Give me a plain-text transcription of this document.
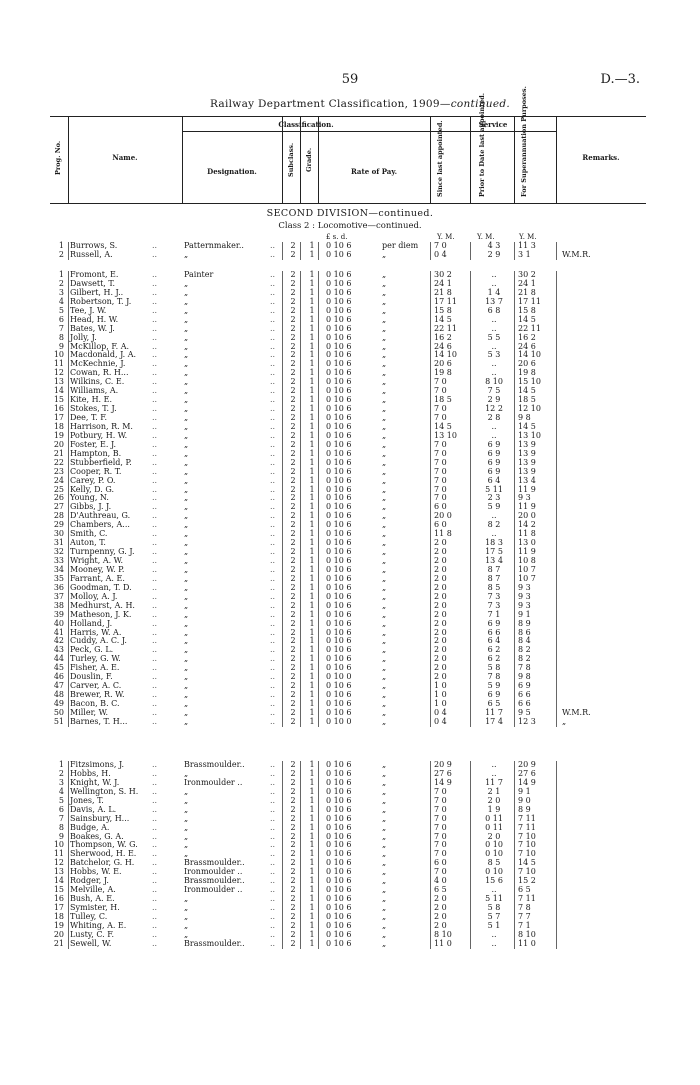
59	D.—3.
Railway Department Classification, 1909—continued.
Prog. No.	Name.
Classification.
Designation.	Subclass. Grade.	Rate of Pay.
Service
Since last appointed.	Prior to Date last appointed.	For Superannuation Purposes.	Remarks.
SECOND DIVISION—continued.
Class 2 : Locomotive—continued.
£ s. d.	Y. M.	Y. M.	Y. M.
1 Burrows, S.	Patternmaker..	2	1	0 10 6	per diem 7 0	4 3	11 3
..	..
2 Russell, A.	„	2	1	0 10 6	„	0 4	2 9	3 1	W.M.R.
..	..
1 Fromont, E.	Painter	2	1	0 10 6	„	30 2	..	30 2
..	..
2 Dawsett, T.	„	2	1	0 10 6	„	24 1	..	24 1
..	..
3 Gilbert, H. J..	„	2	1	0 10 6	„	21 8	1 4	21 8
..	..
4 Robertson, T. J.	„	2	1	0 10 6	„	17 11	13 7	17 11
..	..
5 Tee, J. W.	„	2	1	0 10 6	„	15 8	6 8	15 8
..	..
6 Head, H. W.	„	2	1	0 10 6	„	14 5	..	14 5
..	..
7 Bates, W. J.	„	2	1	0 10 6	„	22 11	..	22 11
..	..
8 Jolly, J.	„	2	1	0 10 6	„	16 2	5 5	16 2
..	..
9 McKillop, F. A.	„	2	1	0 10 6	„	24 6	..	24 6
..	..
10 Macdonald, J. A.	„	2	1	0 10 6	„	14 10	5 3	14 10
..	..
11 McKechnie, J.	„	2	1	0 10 6	„	20 6	..	20 6
..	..
12 Cowan, R. H...	„	2	1	0 10 6	„	19 8	..	19 8
..	..
13 Wilkins, C. E.	„	2	1	0 10 6	„	7 0	8 10	15 10
..	..
14 Williams, A.	„	2	1	0 10 6	„	7 0	7 5	14 5
..	..
15 Kite, H. E.	„	2	1	0 10 6	„	18 5	2 9	18 5
..	..
16 Stokes, T. J.	„	2	1	0 10 6	„	7 0	12 2	12 10
..	..
17 Dee, T. F.	„	2	1	0 10 6	„	7 0	2 8	9 8
..	..
18 Harrison, R. M.	„	2	1	0 10 6	„	14 5	..	14 5
..	..
19 Potbury, H. W.	„	2	1	0 10 6	„	13 10	..	13 10
..	..
20 Foster, E. J.	„	2	1	0 10 6	„	7 0	6 9	13 9
..	..
21 Hampton, B.	„	2	1	0 10 6	„	7 0	6 9	13 9
..	..
22 Stubberfield, P.	„	2	1	0 10 6	„	7 0	6 9	13 9
..	..
23 Cooper, R. T.	„	2	1	0 10 6	„	7 0	6 9	13 9
..	..
24 Carey, P. O.	„	2	1	0 10 6	„	7 0	6 4	13 4
..	..
25 Kelly, D. G.	„	2	1	0 10 6	„	7 0	5 11	11 9
..	..
26 Young, N.	„	2	1	0 10 6	„	7 0	2 3	9 3
..	..
27 Gibbs, J. J.	„	2	1	0 10 6	„	6 0	5 9	11 9
..	..
28 D'Authreau, G.	„	2	1	0 10 6	„	20 0	..	20 0
..	..
29 Chambers, A...	„	2	1	0 10 6	„	6 0	8 2	14 2
..	..
30 Smith, C.	„	2	1	0 10 6	„	11 8	..	11 8
..	..
31 Auton, T.	„	2	1	0 10 6	„	2 0	18 3	13 0
..	..
32 Turnpenny, G. J.	„	2	1	0 10 6	„	2 0	17 5	11 9
..	..
33 Wright, A. W.	„	2	1	0 10 6	„	2 0	13 4	10 8
..	..
34 Mooney, W. P.	„	2	1	0 10 6	„	2 0	8 7	10 7
..	..
35 Farrant, A. E.	„	2	1	0 10 6	„	2 0	8 7	10 7
..	..
36 Goodman, T. D.	„	2	1	0 10 6	„	2 0	8 5	9 3
..	..
37 Molloy, A. J.	„	2	1	0 10 6	„	2 0	7 3	9 3
..	..
38 Medhurst, A. H.	„	2	1	0 10 6	„	2 0	7 3	9 3
..	..
39 Matheson, J. K.	„	2	1	0 10 6	„	2 0	7 1	9 1
..	..
40 Holland, J.	„	2	1	0 10 6	„	2 0	6 9	8 9
..	..
41 Harris, W. A.	„	2	1	0 10 6	„	2 0	6 6	8 6
..	..
42 Cuddy, A. C. J.	„	2	1	0 10 6	„	2 0	6 4	8 4
..	..
43 Peck, G. L.	„	2	1	0 10 6	„	2 0	6 2	8 2
..	..
44 Turley, G. W.	„	2	1	0 10 6	„	2 0	6 2	8 2
..	..
45 Fisher, A. E.	„	2	1	0 10 6	„	2 0	5 8	7 8
..	..
46 Douslin, F.	„	2	1	0 10 0	„	2 0	7 8	9 8
..	..
47 Carver, A. C.	„	2	1	0 10 6	„	1 0	5 9	6 9
..	..
48 Brewer, R. W.	„	2	1	0 10 6	„	1 0	6 9	6 6
..	..
49 Bacon, B. C.	„	2	1	0 10 6	„	1 0	6 5	6 6
..	..
50 Miller, W.	„	2	1	0 10 6	„	0 4	11 7	9 5	W.M.R.
..	..
51 Barnes, T. H...	„	2	1	0 10 0	„	0 4	17 4	12 3	„
..	..
1 Fitzsimons, J.	Brassmoulder..	2	1	0 10 6	„	20 9	..	20 9
..	..
2 Hobbs, H.	„	2	1	0 10 6	„	27 6	..	27 6
..	..
3 Knight, W. J.	Ironmoulder ..	2	1	0 10 6	„	14 9	11 7	14 9
..	..
4 Wellington, S. H.	„	2	1	0 10 6	„	7 0	2 1	9 1
..	..
5 Jones, T.	„	2	1	0 10 6	„	7 0	2 0	9 0
..	..
6 Davis, A. L.	„	2	1	0 10 6	„	7 0	1 9	8 9
..	..
7 Sainsbury, H...	„	2	1	0 10 6	„	7 0	0 11	7 11
..	..
8 Budge, A.	„	2	1	0 10 6	„	7 0	0 11	7 11
..	..
9 Boakes, G. A.	„	2	1	0 10 6	„	7 0	2 0	7 10
..	..
10 Thompson, W. G.	„	2	1	0 10 6	„	7 0	0 10	7 10
..	..
11 Sherwood, H. E.	„	2	1	0 10 6	„	7 0	0 10	7 10
..	..
12 Batchelor, G. H.	Brassmoulder..	2	1	0 10 6	„	6 0	8 5	14 5
..	..
13 Hobbs, W. E.	Ironmoulder ..	2	1	0 10 6	„	7 0	0 10	7 10
..	..
14 Rodger, J.	Brassmoulder..	2	1	0 10 6	„	4 0	15 6	15 2
..	..
15 Melville, A.	Ironmoulder ..	2	1	0 10 6	„	6 5	..	6 5
..	..
16 Bush, A. E.	„	2	1	0 10 6	„	2 0	5 11	7 11
..	..
17 Symister, H.	„	2	1	0 10 6	„	2 0	5 8	7 8
..	..
18 Tulley, C.	„	2	1	0 10 6	„	2 0	5 7	7 7
..	..
19 Whiting, A. E.	„	2	1	0 10 6	„	2 0	5 1	7 1
..	..
20 Lusty, C. F.	„	2	1	0 10 6	„	8 10	..	8 10
..	..
21 Sewell, W.	Brassmoulder..	2	1	0 10 6	„	11 0	..	11 0
..	..
